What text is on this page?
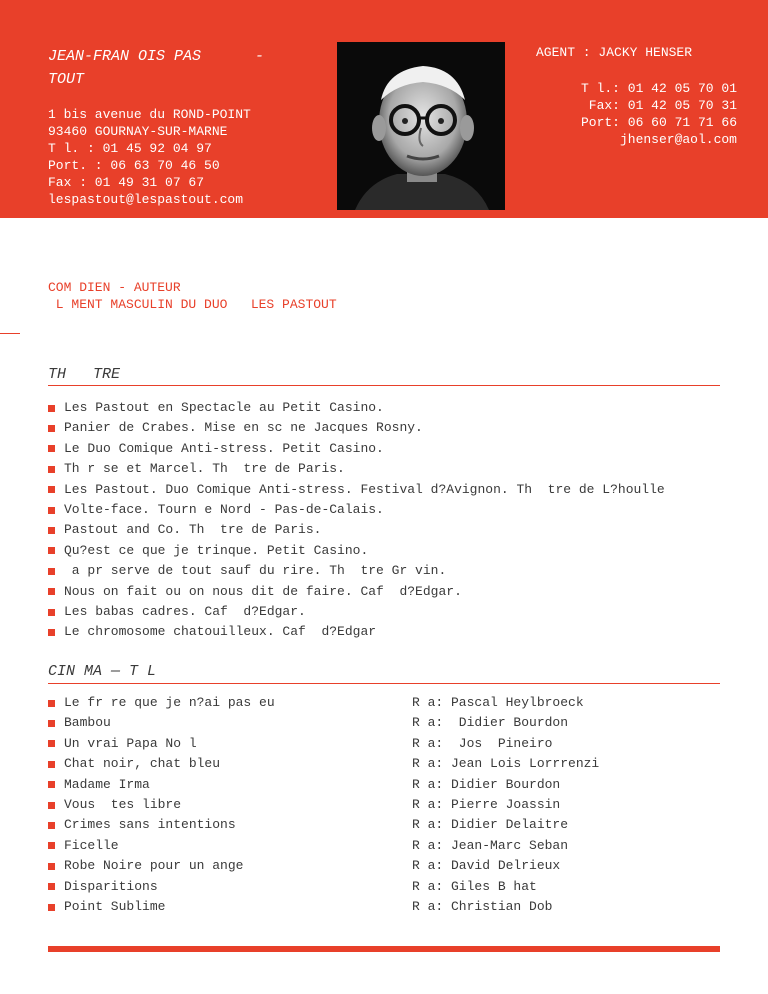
JEAN-FRAN OIS PAS      -
TOUT
1 bis avenue du ROND-POINT
93460 GOURNAY-SUR-MARNE
T l. : 01 45 92 04 97
Port. : 06 63 70 46 50
Fax : 01 49 31 07 67
lespastout@lespastout.com
AGENT : JACKY HENSER
T l.: 01 42 05 70 01
Fax: 01 42 05 70 31
Port: 06 60 71 71 66
jhenser@aol.com
COM DIEN - AUTEUR
L MENT MASCULIN DU DUO   LES PASTOUT
TH   TRE
Les Pastout en Spectacle au Petit Casino.
Panier de Crabes. Mise en sc ne Jacques Rosny.
Le Duo Comique Anti-stress. Petit Casino.
Th r se et Marcel. Th  tre de Paris.
Les Pastout. Duo Comique Anti-stress. Festival d?Avignon. Th  tre de L?houlle
Volte-face. Tourn e Nord - Pas-de-Calais.
Pastout and Co. Th  tre de Paris.
Qu?est ce que je trinque. Petit Casino.
a pr serve de tout sauf du rire. Th  tre Gr vin.
Nous on fait ou on nous dit de faire. Caf  d?Edgar.
Les babas cadres. Caf  d?Edgar.
Le chromosome chatouilleux. Caf  d?Edgar
CIN MA — T L
Le fr re que je n?ai pas eu
Bambou
Un vrai Papa No l
Chat noir, chat bleu
Madame Irma
Vous  tes libre
Crimes sans intentions
Ficelle
Robe Noire pour un ange
Disparitions
Point Sublime
R a: Pascal Heylbroeck
R a:  Didier Bourdon
R a:  Jos  Pineiro
R a: Jean Lois Lorrrenzi
R a: Didier Bourdon
R a: Pierre Joassin
R a: Didier Delaitre
R a: Jean-Marc Seban
R a: David Delrieux
R a: Giles B hat
R a: Christian Dob
